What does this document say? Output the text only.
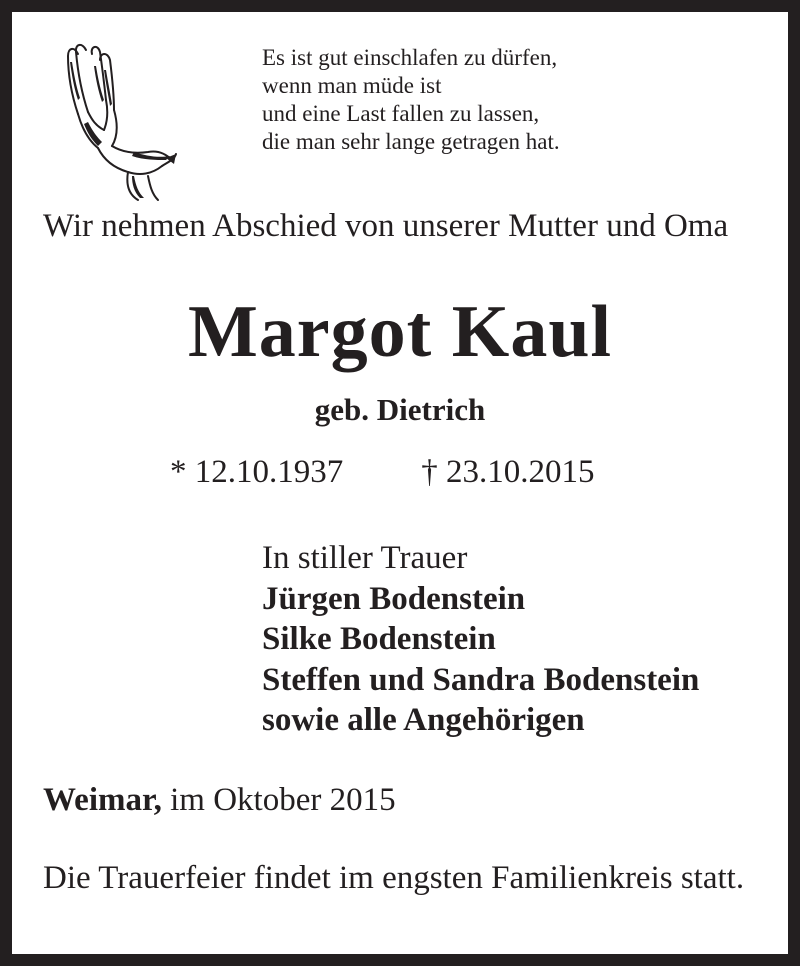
Es ist gut einschlafen zu dürfen,
wenn man müde ist
und eine Last fallen zu lassen,
die man sehr lange getragen hat.
Wir nehmen Abschied von unserer Mutter und Oma
Margot Kaul
geb. Dietrich
* 12.10.1937 † 23.10.2015
In stiller Trauer
Jürgen Bodenstein
Silke Bodenstein
Steffen und Sandra Bodenstein
sowie alle Angehörigen
Weimar, im Oktober 2015
Die Trauerfeier findet im engsten Familienkreis statt.
